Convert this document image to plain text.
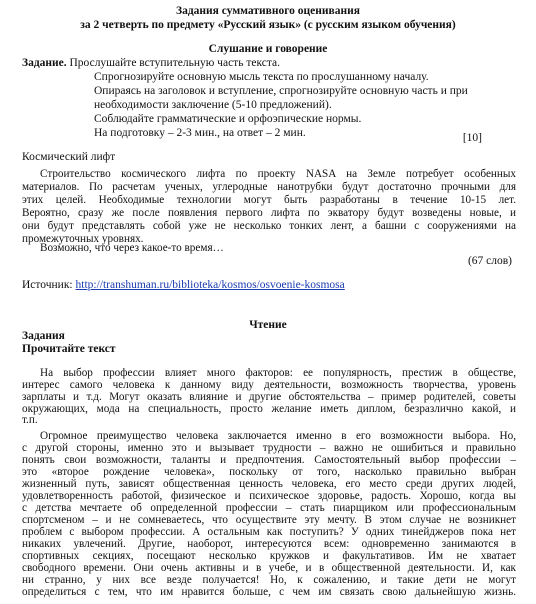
Задания суммативного оценивания
за 2 четверть по предмету «Русский язык» (с русским языком обучения)
Слушание и говорение
Задание. Прослушайте вступительную часть текста.
Спрогнозируйте основную мысль текста по прослушанному началу.
Опираясь на заголовок и вступление, спрогнозируйте основную часть и при
необходимости заключение (5-10 предложений).
Соблюдайте грамматические и орфоэпические нормы.
На подготовку – 2-3 мин., на ответ – 2 мин.	[10]
Космический лифт
Строительство космического лифта по проекту NASA на Земле потребует особенных
материалов. По расчетам ученых, углеродные нанотрубки будут достаточно прочными для
этих целей. Необходимые технологии могут быть разработаны в течение 10-15 лет.
Вероятно, сразу же после появления первого лифта по экватору будут возведены новые, и
они будут представлять собой уже не несколько тонких лент, а башни с сооружениями на
промежуточных уровнях.
Возможно, что через какое-то время…
(67 слов)
Источник: http://transhuman.ru/biblioteka/kosmos/osvoenie-kosmosa
Чтение
Задания
Прочитайте текст
На выбор профессии влияет много факторов: ее популярность, престиж в обществе,
интерес самого человека к данному виду деятельности, возможность творчества, уровень
зарплаты и т.д. Могут оказать влияние и другие обстоятельства – пример родителей, советы
окружающих, мода на специальность, просто желание иметь диплом, безразлично какой, и
т.п.
Огромное преимущество человека заключается именно в его возможности выбора. Но,
с другой стороны, именно это и вызывает трудности – важно не ошибиться и правильно
понять свои возможности, таланты и предпочтения. Самостоятельный выбор профессии –
это «второе рождение человека», поскольку от того, насколько правильно выбран
жизненный путь, зависят общественная ценность человека, его место среди других людей,
удовлетворенность работой, физическое и психическое здоровье, радость. Хорошо, когда вы
с детства мечтаете об определенной профессии – стать пиарщиком или профессиональным
спортсменом – и не сомневаетесь, что осуществите эту мечту. В этом случае не возникнет
проблем с выбором профессии. А остальным как поступить? У одних тинейджеров пока нет
никаких увлечений. Другие, наоборот, интересуются всем: одновременно занимаются в
спортивных секциях, посещают несколько кружков и факультативов. Им не хватает
свободного времени. Они очень активны и в учебе, и в общественной деятельности. И, как
ни странно, у них все везде получается! Но, к сожалению, и такие дети не могут
определиться с тем, что им нравится больше, с чем им связать свою дальнейшую жизнь.
